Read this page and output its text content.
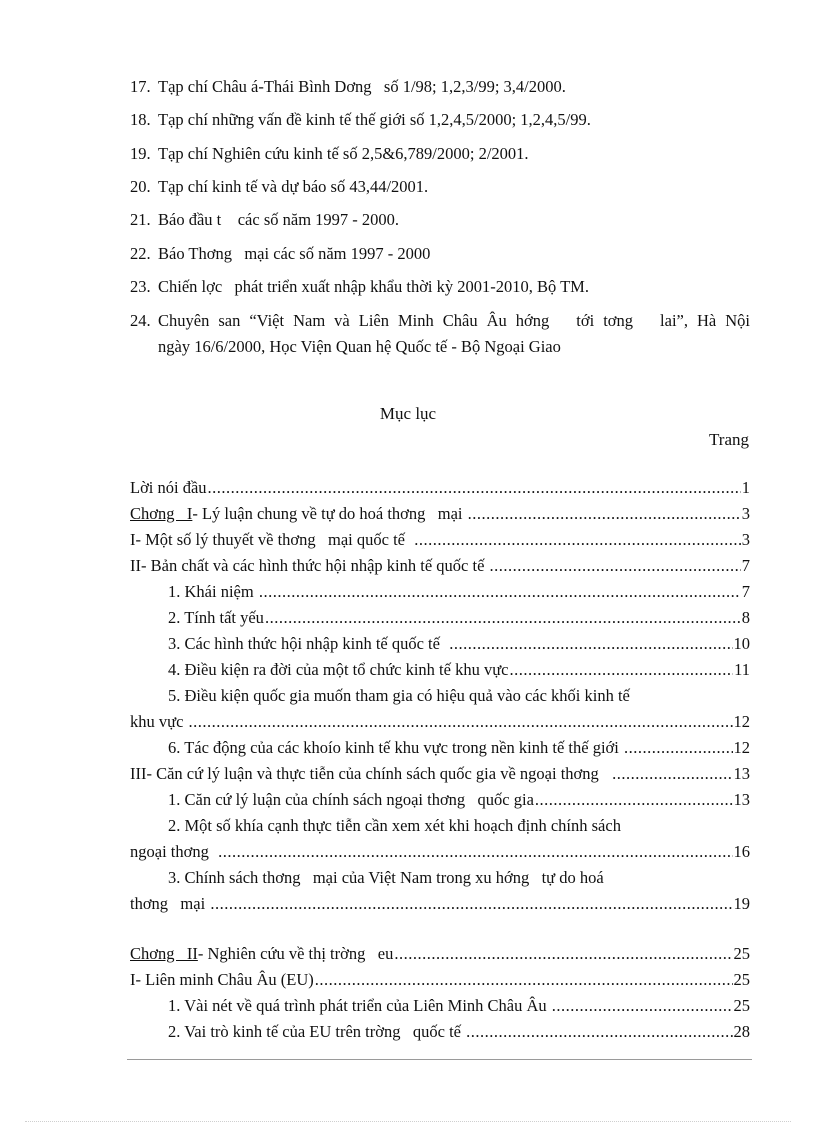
17. Tạp chí Châu á-Thái Bình Dơng   số 1/98; 1,2,3/99; 3,4/2000.
18. Tạp chí những vấn đề kinh tế thế giới số 1,2,4,5/2000; 1,2,4,5/99.
19. Tạp chí Nghiên cứu kinh tế số 2,5&6,789/2000; 2/2001.
20. Tạp chí kinh tế và dự báo số 43,44/2001.
21. Báo đầu t    các số năm 1997 - 2000.
22. Báo Thơng   mại các số năm 1997 - 2000
23. Chiến lợc   phát triển xuất nhập khẩu thời kỳ 2001-2010, Bộ TM.
24. Chuyên san “Việt Nam và Liên Minh Châu Âu hớng   tới tơng   lai”, Hà Nội
ngày 16/6/2000, Học Viện Quan hệ Quốc tế - Bộ Ngoại Giao
Mục lục
Trang
Lời nói đầu .....	1
Chơng   I- Lý luận chung về tự do hoá thơng   mại .....	3
I- Một số lý thuyết về thơng   mại quốc tế .....	3
II- Bản chất và các hình thức hội nhập kinh tế quốc tế .....	7
1. Khái niệm .....	7
2. Tính tất yếu .....	8
3. Các hình thức hội nhập kinh tế quốc tế .....	10
4. Điều kiện ra đời của một tổ chức kinh tế khu vực .....	11
5. Điều kiện quốc gia muốn tham gia có hiệu quả vào các khối kinh tế
khu vực .....	12
6. Tác động của các khoío kinh tế khu vực trong nền kinh tế thế giới .....	12
III- Căn cứ lý luận và thực tiễn của chính sách quốc gia về ngoại thơng .....	13
1. Căn cứ lý luận của chính sách ngoại thơng   quốc gia .....	13
2. Một số khía cạnh thực tiễn cần xem xét khi hoạch định chính sách
ngoại thơng .....	16
3. Chính sách thơng   mại của Việt Nam trong xu hớng   tự do hoá
thơng   mại .....	19
Chơng   II- Nghiên cứu về thị trờng   eu .....	25
I- Liên minh Châu Âu (EU) .....	25
1. Vài nét về quá trình phát triển của Liên Minh Châu Âu .....	25
2. Vai trò kinh tế của EU trên trờng   quốc tế .....	28
